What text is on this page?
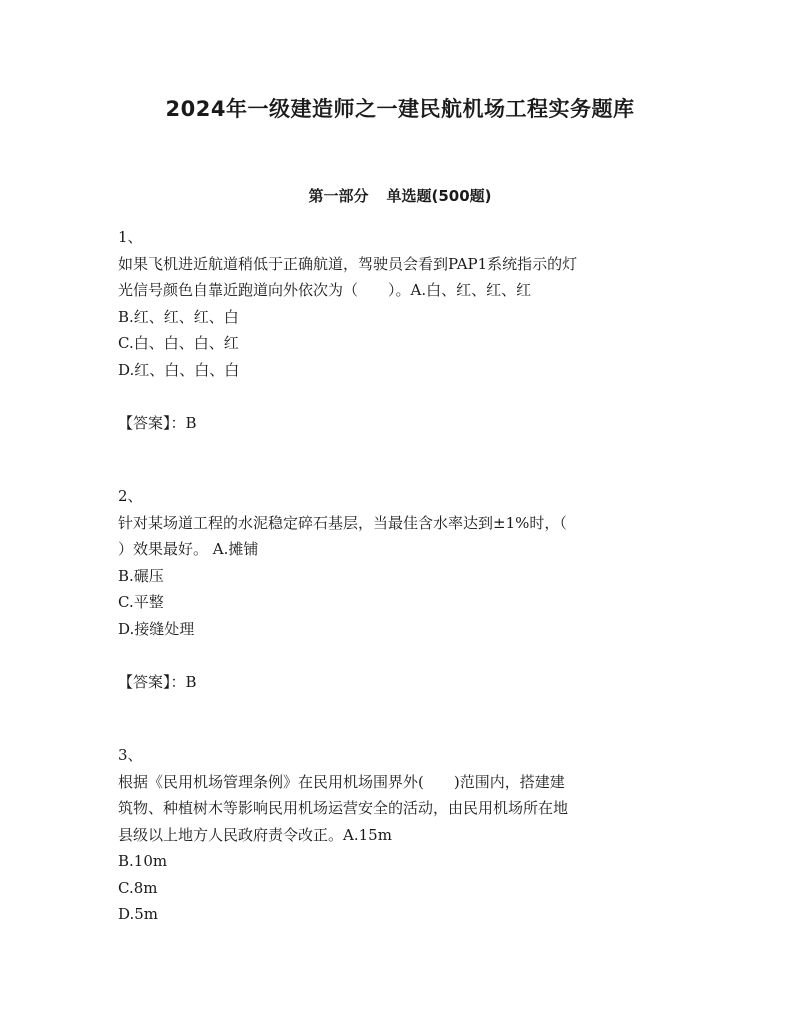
2024年一级建造师之一建民航机场工程实务题库
第一部分 单选题(500题)
1、
如果飞机进近航道稍低于正确航道，驾驶员会看到PAP1系统指示的灯
光信号颜色自靠近跑道向外依次为（　　）。A.白、红、红、红
B.红、红、红、白
C.白、白、白、红
D.红、白、白、白
【答案】：B
2、
针对某场道工程的水泥稳定碎石基层，当最佳含水率达到±1%时，（
）效果最好。 A.摊铺
B.碾压
C.平整
D.接缝处理
【答案】：B
3、
根据《民用机场管理条例》在民用机场围界外(　　)范围内，搭建建
筑物、种植树木等影响民用机场运营安全的活动，由民用机场所在地
县级以上地方人民政府责令改正。A.15m
B.10m
C.8m
D.5m
